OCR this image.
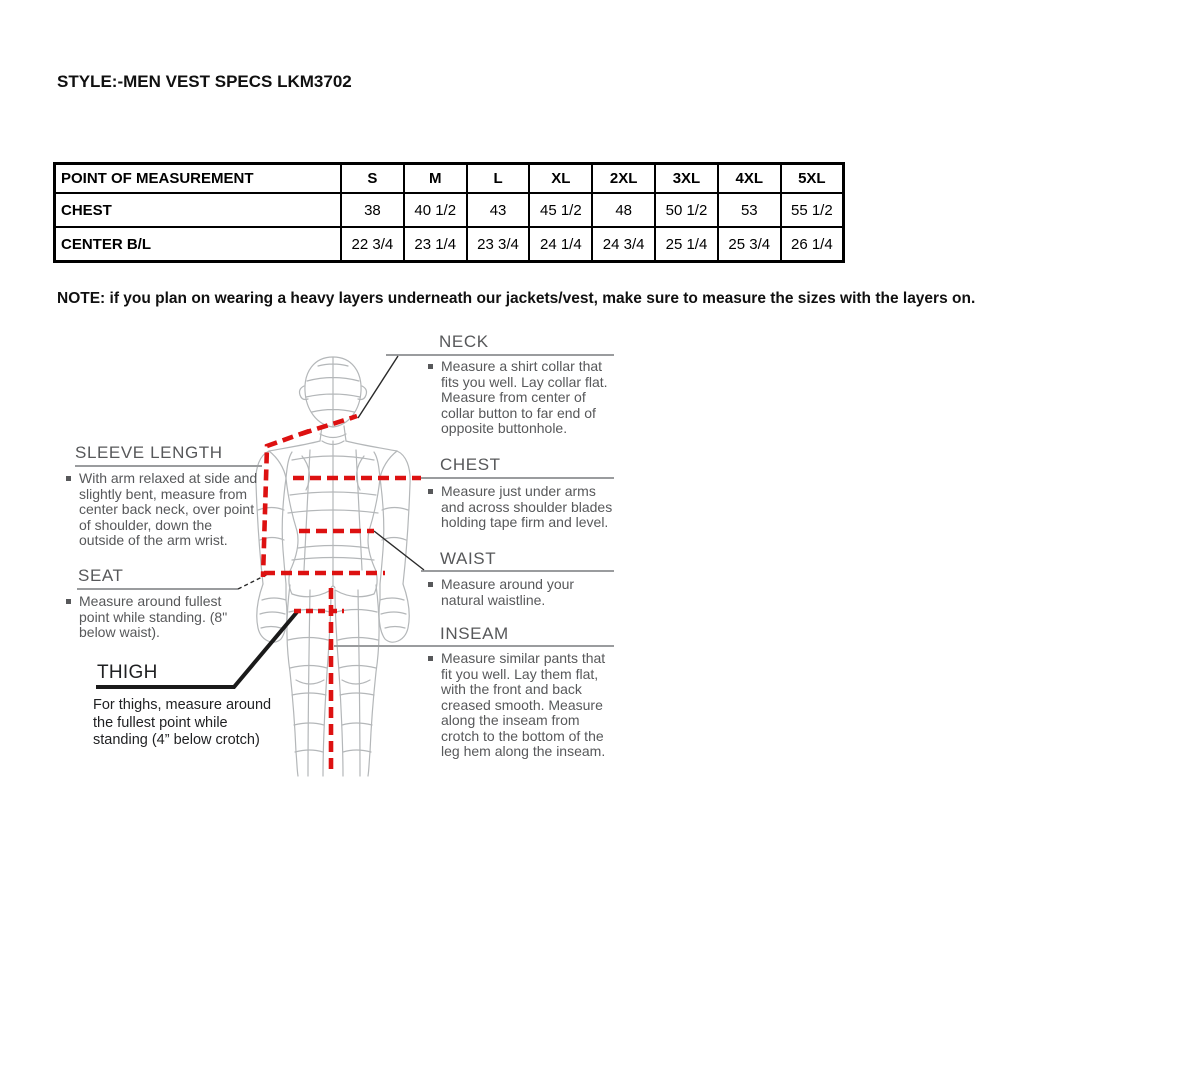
STYLE:-MEN VEST SPECS LKM3702
POINT OF MEASUREMENT	S	M	L	XL	2XL	3XL	4XL	5XL
CHEST	38	40 1/2	43	45 1/2	48	50 1/2	53	55 1/2
CENTER B/L	22 3/4	23 1/4	23 3/4	24 1/4	24 3/4	25 1/4	25 3/4	26 1/4
NOTE: if you plan on wearing a heavy layers underneath our jackets/vest, make sure to measure the sizes with the layers on.
NECK
Measure a shirt collar that fits you well. Lay collar flat. Measure from center of collar button to far end of opposite buttonhole.
SLEEVE LENGTH
With arm relaxed at side and slightly bent, measure from center back neck, over point of shoulder, down the outside of the arm wrist.
CHEST
Measure just under arms and across shoulder blades holding tape firm and level.
WAIST
Measure around your natural waistline.
SEAT
Measure around fullest point while standing. (8" below waist).
THIGH
For thighs, measure around the fullest point while standing (4” below crotch)
INSEAM
Measure similar pants that fit you well. Lay them flat, with the front and back creased smooth. Measure along the inseam from crotch to the bottom of the leg hem along the inseam.
